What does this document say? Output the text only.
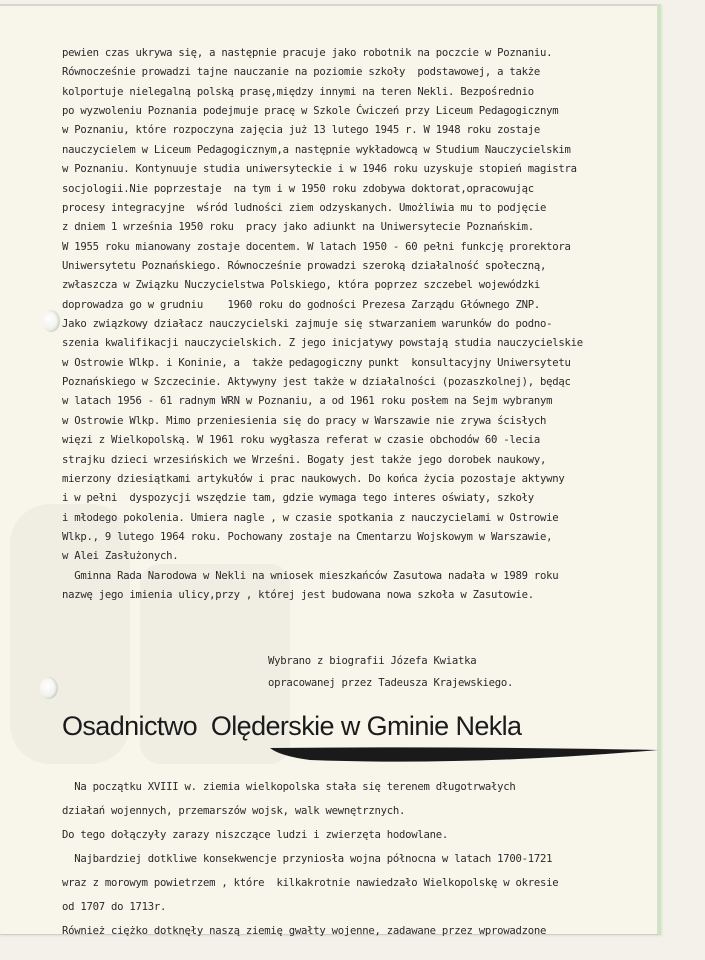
pewien czas ukrywa się, a następnie pracuje jako robotnik na poczcie w Poznaniu.
Równocześnie prowadzi tajne nauczanie na poziomie szkoły  podstawowej, a także
kolportuje nielegalną polską prasę,między innymi na teren Nekli. Bezpośrednio
po wyzwoleniu Poznania podejmuje pracę w Szkole Ćwiczeń przy Liceum Pedagogicznym
w Poznaniu, które rozpoczyna zajęcia już 13 lutego 1945 r. W 1948 roku zostaje
nauczycielem w Liceum Pedagogicznym,a następnie wykładowcą w Studium Nauczycielskim
w Poznaniu. Kontynuuje studia uniwersyteckie i w 1946 roku uzyskuje stopień magistra
socjologii.Nie poprzestaje  na tym i w 1950 roku zdobywa doktorat,opracowując
procesy integracyjne  wśród ludności ziem odzyskanych. Umożliwia mu to podjęcie
z dniem 1 września 1950 roku  pracy jako adiunkt na Uniwersytecie Poznańskim.
W 1955 roku mianowany zostaje docentem. W latach 1950 - 60 pełni funkcję prorektora
Uniwersytetu Poznańskiego. Równocześnie prowadzi szeroką działalność społeczną,
zwłaszcza w Związku Nuczycielstwa Polskiego, która poprzez szczebel wojewódzki
doprowadza go w grudniu    1960 roku do godności Prezesa Zarządu Głównego ZNP.
Jako związkowy działacz nauczycielski zajmuje się stwarzaniem warunków do podno-
szenia kwalifikacji nauczycielskich. Z jego inicjatywy powstają studia nauczycielskie
w Ostrowie Wlkp. i Koninie, a  także pedagogiczny punkt  konsultacyjny Uniwersytetu
Poznańskiego w Szczecinie. Aktywyny jest także w działalności (pozaszkolnej), będąc
w latach 1956 - 61 radnym WRN w Poznaniu, a od 1961 roku posłem na Sejm wybranym
w Ostrowie Wlkp. Mimo przeniesienia się do pracy w Warszawie nie zrywa ścisłych
więzi z Wielkopolską. W 1961 roku wygłasza referat w czasie obchodów 60 -lecia
strajku dzieci wrzesińskich we Wrześni. Bogaty jest także jego dorobek naukowy,
mierzony dziesiątkami artykułów i prac naukowych. Do końca życia pozostaje aktywny
i w pełni  dyspozycji wszędzie tam, gdzie wymaga tego interes oświaty, szkoły
i młodego pokolenia. Umiera nagle , w czasie spotkania z nauczycielami w Ostrowie
Wlkp., 9 lutego 1964 roku. Pochowany zostaje na Cmentarzu Wojskowym w Warszawie,
w Alei Zasłużonych.
Gminna Rada Narodowa w Nekli na wniosek mieszkańców Zasutowa nadała w 1989 roku
nazwę jego imienia ulicy,przy , której jest budowana nowa szkoła w Zasutowie.
Wybrano z biografii Józefa Kwiatka
opracowanej przez Tadeusza Krajewskiego.
Osadnictwo  Olęderskie w Gminie Nekla
Na początku XVIII w. ziemia wielkopolska stała się terenem długotrwałych
działań wojennych, przemarszów wojsk, walk wewnętrznych.
Do tego dołączyły zarazy niszczące ludzi i zwierzęta hodowlane.
Najbardziej dotkliwe konsekwencje przyniosła wojna północna w latach 1700-1721
wraz z morowym powietrzem , które  kilkakrotnie nawiedzało Wielkopolskę w okresie
od 1707 do 1713r.
Również ciężko dotknęły naszą ziemię gwałty wojenne, zadawane przez wprowadzone
